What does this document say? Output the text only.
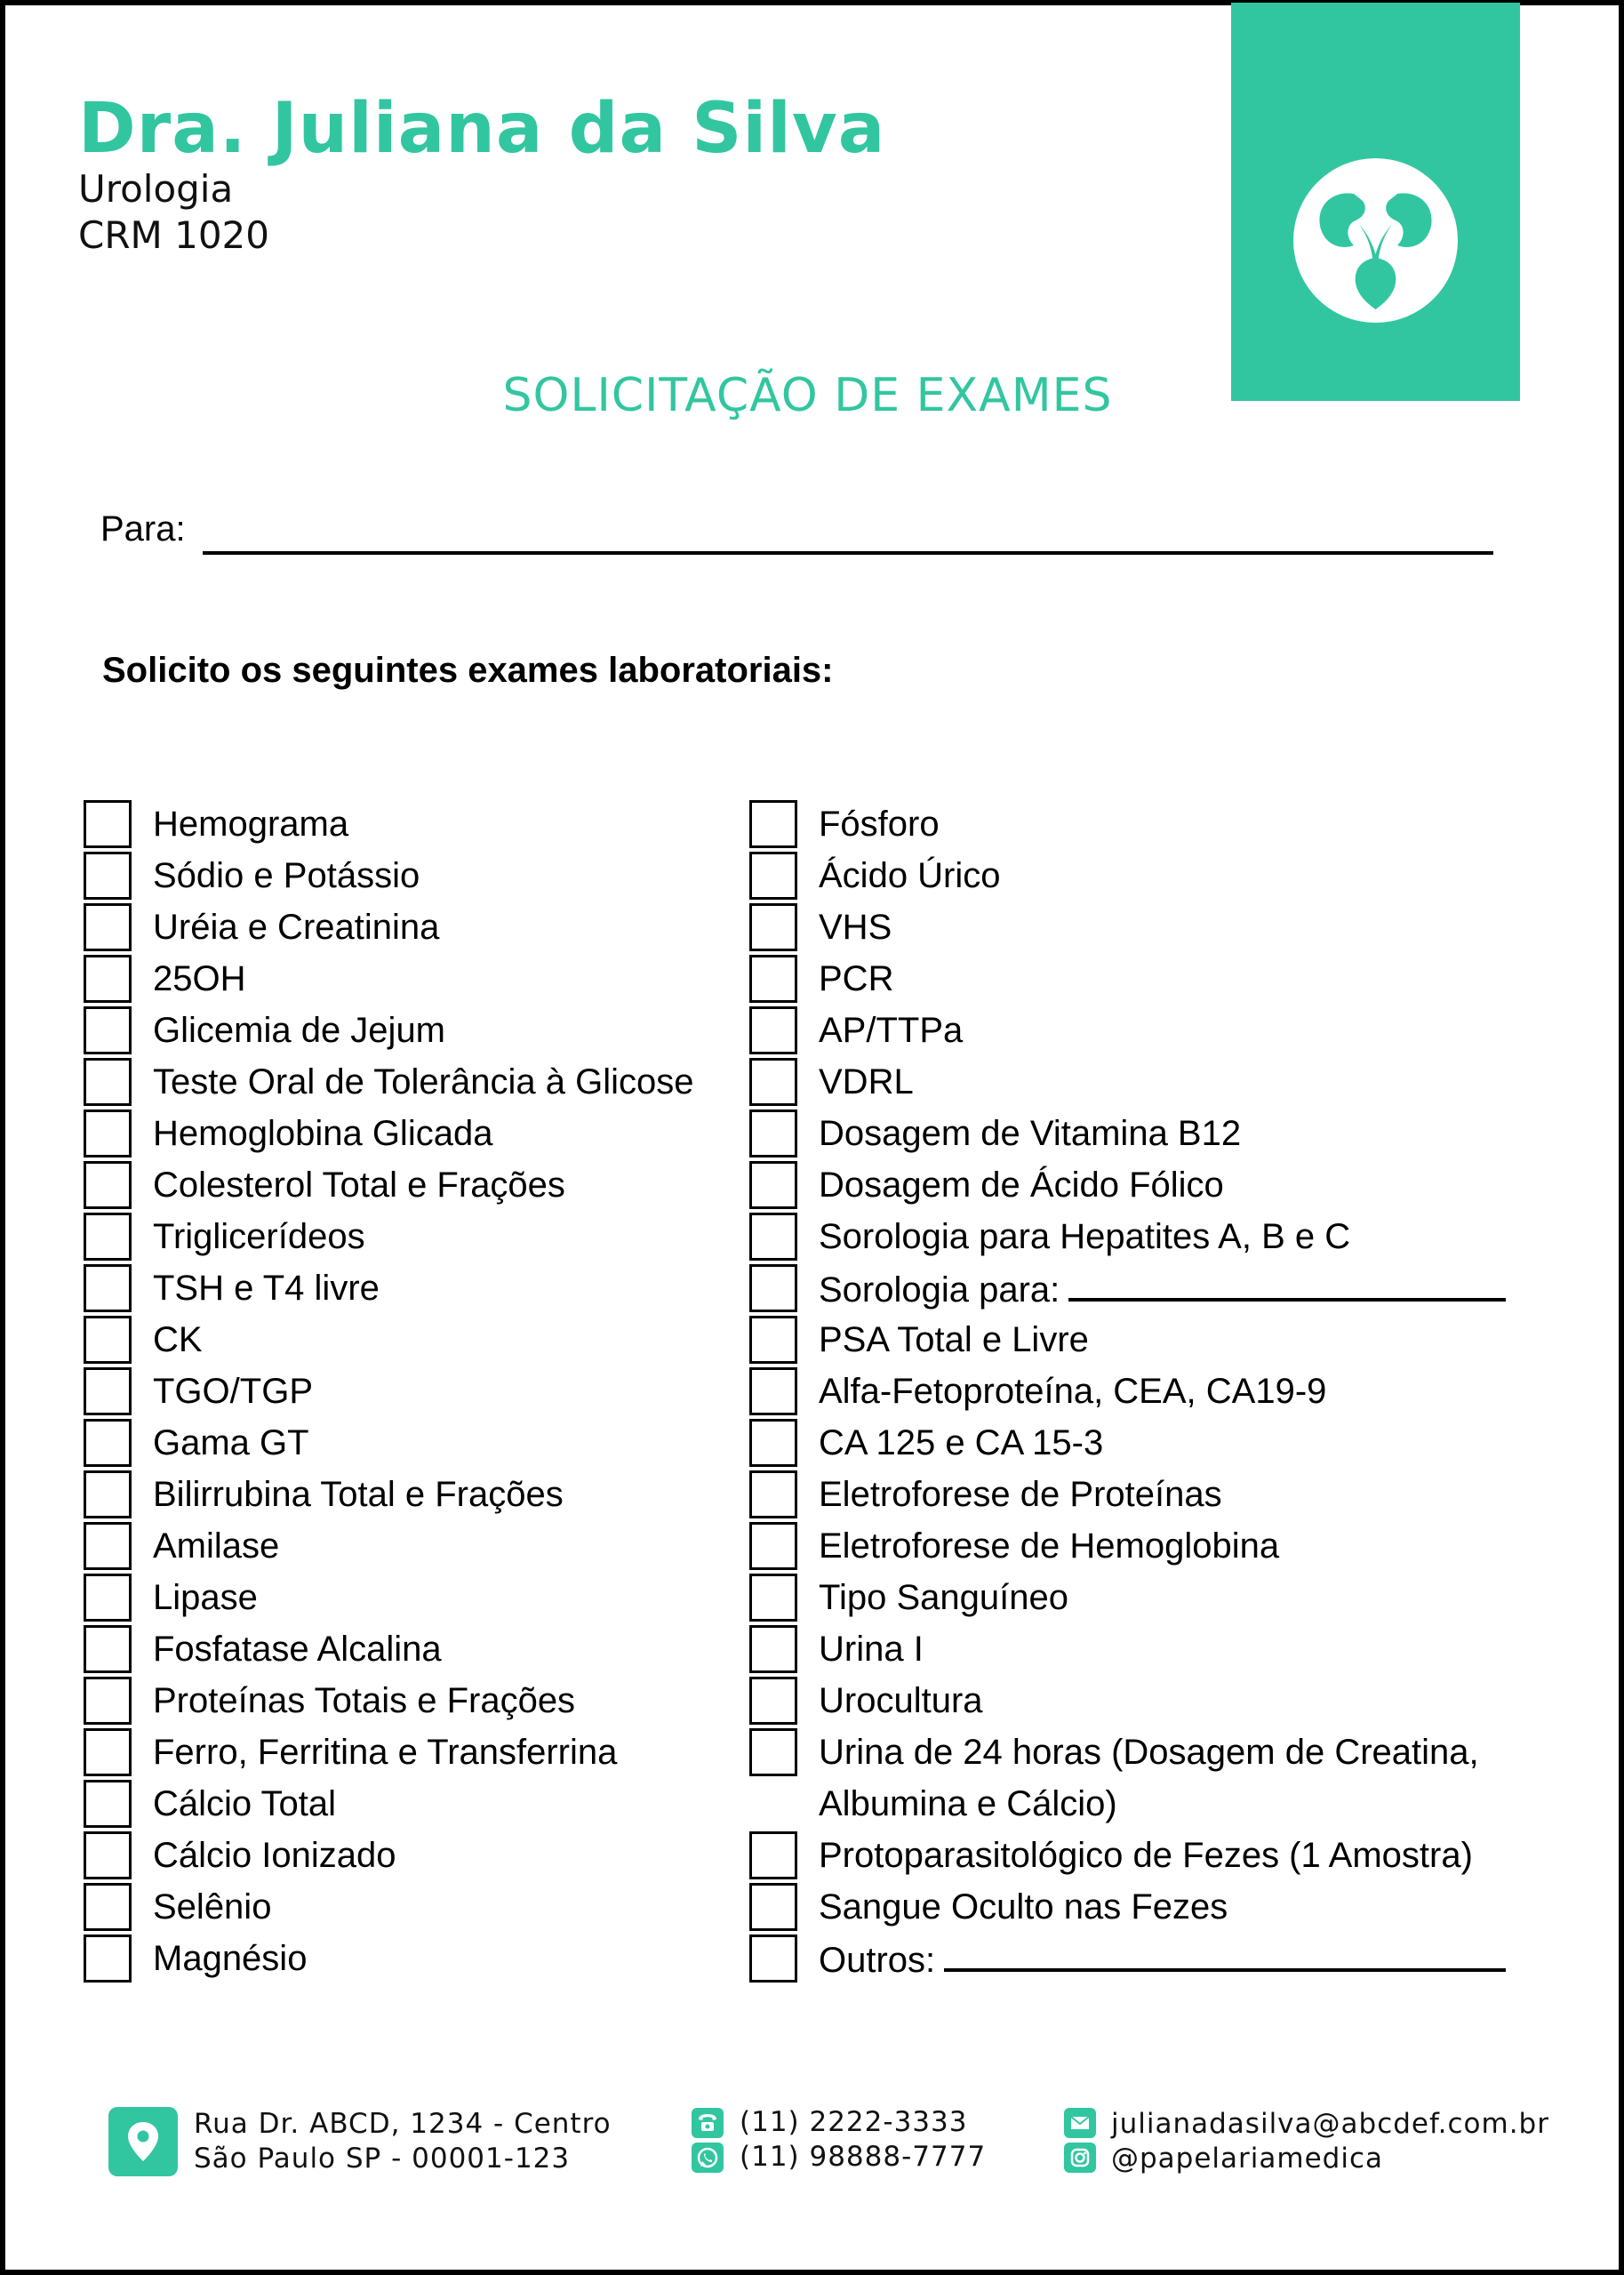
Dra. Juliana da Silva
Urologia
CRM 1020
SOLICITAÇÃO DE EXAMES
Para:
Solicito os seguintes exames laboratoriais:
Hemograma
Sódio e Potássio
Uréia e Creatinina
25OH
Glicemia de Jejum
Teste Oral de Tolerância à Glicose
Hemoglobina Glicada
Colesterol Total e Frações
Triglicerídeos
TSH e T4 livre
CK
TGO/TGP
Gama GT
Bilirrubina Total e Frações
Amilase
Lipase
Fosfatase Alcalina
Proteínas Totais e Frações
Ferro, Ferritina e Transferrina
Cálcio Total
Cálcio Ionizado
Selênio
Magnésio
Fósforo
Ácido Úrico
VHS
PCR
AP/TTPa
VDRL
Dosagem de Vitamina B12
Dosagem de Ácido Fólico
Sorologia para Hepatites A, B e C
Sorologia para:
PSA Total e Livre
Alfa-Fetoproteína, CEA, CA19-9
CA 125 e CA 15-3
Eletroforese de Proteínas
Eletroforese de Hemoglobina
Tipo Sanguíneo
Urina I
Urocultura
Urina de 24 horas (Dosagem de Creatina, Albumina e Cálcio)
Protoparasitológico de Fezes (1 Amostra)
Sangue Oculto nas Fezes
Outros:
Rua Dr. ABCD, 1234 - Centro
São Paulo SP - 00001-123
(11) 2222-3333
(11) 98888-7777
julianadasilva@abcdef.com.br
@papelariamedica
